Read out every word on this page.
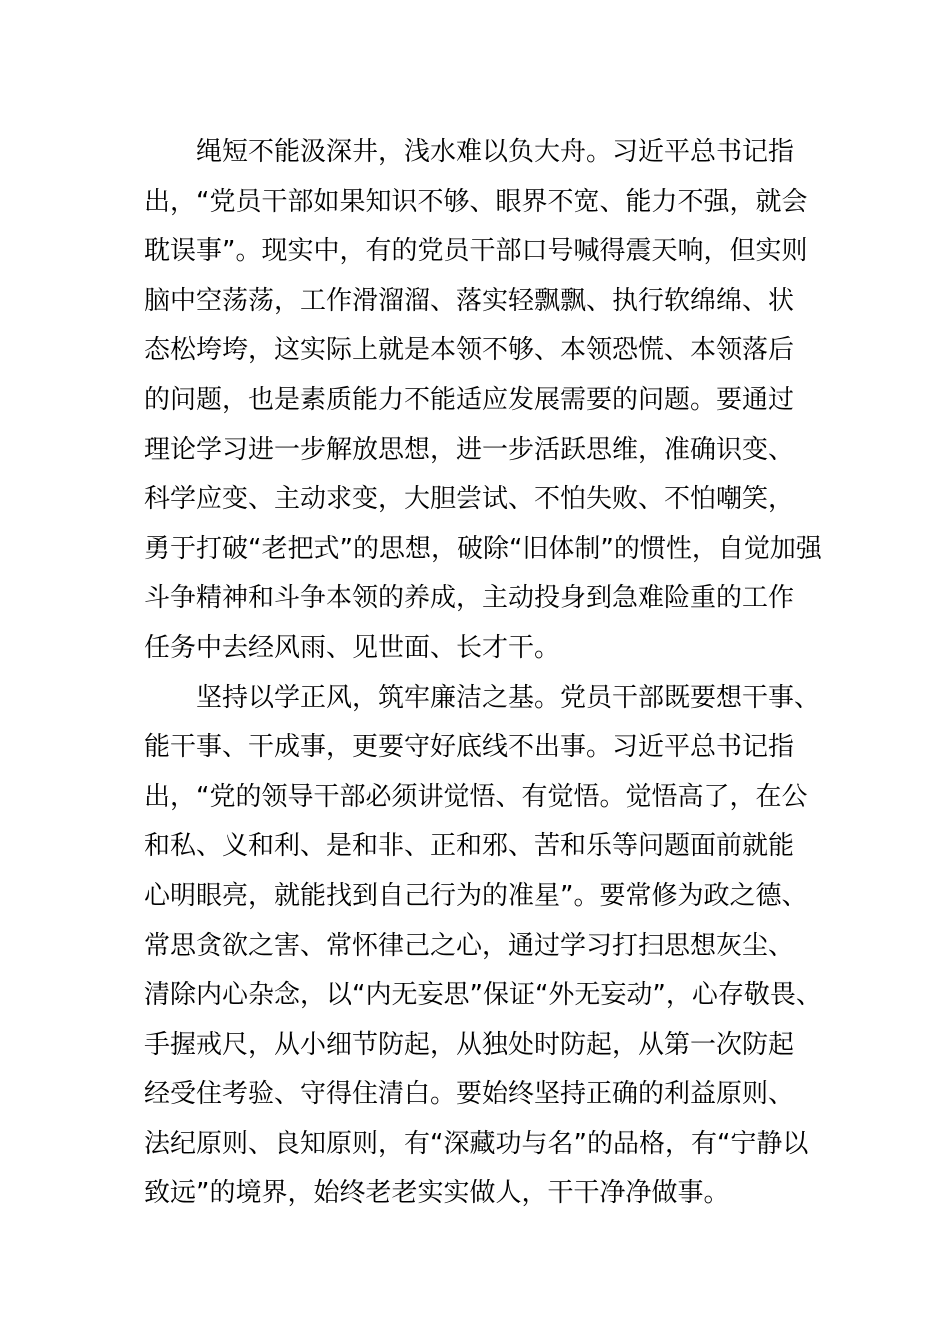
绳短不能汲深井，浅水难以负大舟。习近平总书记指
出，“党员干部如果知识不够、眼界不宽、能力不强，就会
耽误事”。现实中，有的党员干部口号喊得震天响，但实则
脑中空荡荡，工作滑溜溜、落实轻飘飘、执行软绵绵、状
态松垮垮，这实际上就是本领不够、本领恐慌、本领落后
的问题，也是素质能力不能适应发展需要的问题。要通过
理论学习进一步解放思想，进一步活跃思维，准确识变、
科学应变、主动求变，大胆尝试、不怕失败、不怕嘲笑，
勇于打破“老把式”的思想，破除“旧体制”的惯性，自觉加强
斗争精神和斗争本领的养成，主动投身到急难险重的工作
任务中去经风雨、见世面、长才干。
坚持以学正风，筑牢廉洁之基。党员干部既要想干事、
能干事、干成事，更要守好底线不出事。习近平总书记指
出，“党的领导干部必须讲觉悟、有觉悟。觉悟高了，在公
和私、义和利、是和非、正和邪、苦和乐等问题面前就能
心明眼亮，就能找到自己行为的准星”。要常修为政之德、
常思贪欲之害、常怀律己之心，通过学习打扫思想灰尘、
清除内心杂念，以“内无妄思”保证“外无妄动”，心存敬畏、
手握戒尺，从小细节防起，从独处时防起，从第一次防起
经受住考验、守得住清白。要始终坚持正确的利益原则、
法纪原则、良知原则，有“深藏功与名”的品格，有“宁静以
致远”的境界，始终老老实实做人，干干净净做事。
